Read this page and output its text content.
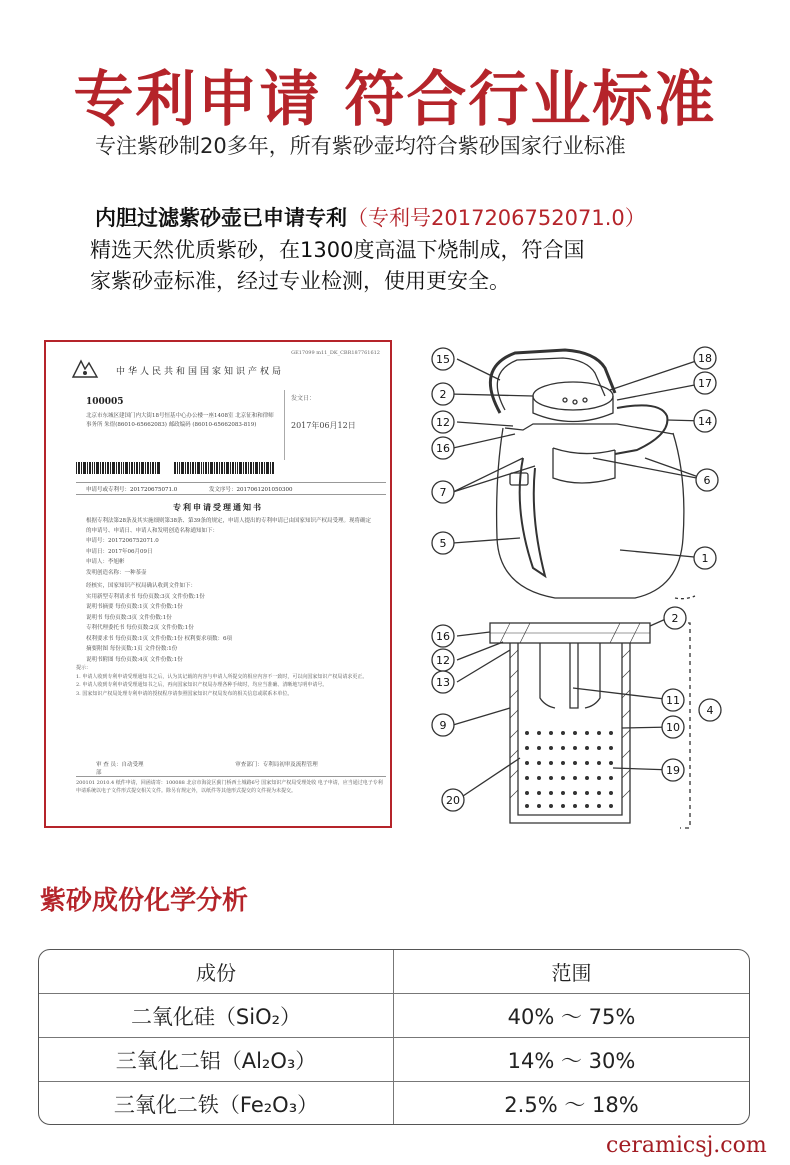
专利申请 符合行业标准
专注紫砂制20多年，所有紫砂壶均符合紫砂国家行业标准
内胆过滤紫砂壶已申请专利（专利号2017206752071.0）
精选天然优质紫砂，在1300度高温下烧制成，符合国
家紫砂壶标准，经过专业检测，使用更安全。
GE17099 m11_DK_CBR187761612
中华人民共和国国家知识产权局
100005
北京市东城区建国门内大街18号恒基中心办公楼一座1408室 北京征和和律师事务所 朱煜(86010-65662083) 邮政编码 (86010-65662083-819)
发文日：
2017年06月12日
申请号或专利号：201720675071.0	发文序号：2017061201050300
专利申请受理通知书

根据专利法第28条及其实施细则第38条、第39条的规定，申请人提出的专利申请已由国家知识产权局受理。现将确定的申请号、申请日、申请人和发明创造名称通知如下：

申请号：2017206752071.0

申请日：2017年06月09日

申请人：李旭彬

发明创造名称：一种茶壶

经核实，国家知识产权局确认收到文件如下：

实用新型专利请求书 每份页数:3页 文件份数:1份

说明书摘要 每份页数:1页 文件份数:1份

说明书 每份页数:3页 文件份数:1份

专利代理委托书 每份页数:2页 文件份数:1份

权利要求书 每份页数:1页 文件份数:1份 权利要求项数：6项

摘要附图 每份页数:1页 文件份数:1份

说明书附图 每份页数:4页 文件份数:1份

提示：

1. 申请人收到专利申请受理通知书之后，认为其记载的内容与申请人所提交的相应内容不一致时，可以向国家知识产权局请求更正。

2. 申请人收到专利申请受理通知书之后，再向国家知识产权局办理各种手续时，均应当准确、清晰地写明申请号。

3. 国家知识产权局处理专利申请的授权程序请参照国家知识产权局发布的相关信息或联系本单位。

审 查 员：自动受理	审查部门：专利局初审及流程管理部
200101 2010.4 纸件申请，回函请寄：100088 北京市海淀区蓟门桥西土城路6号 国家知识产权局受理处收 电子申请，应当通过电子专利申请系统以电子文件形式提交相关文件。除另有规定外，以纸件等其他形式提交的文件视为未提交。
15	18
2
17
12	14
16
6
7
5
1
2
16
12
13
11
9
4
10
19
20
紫砂成份化学分析
成份	范围
二氧化硅（SiO₂）	40% ～ 75%
三氧化二铝（Al₂O₃）	14% ～ 30%
三氧化二铁（Fe₂O₃）	2.5% ～ 18%
ceramicsj.com
